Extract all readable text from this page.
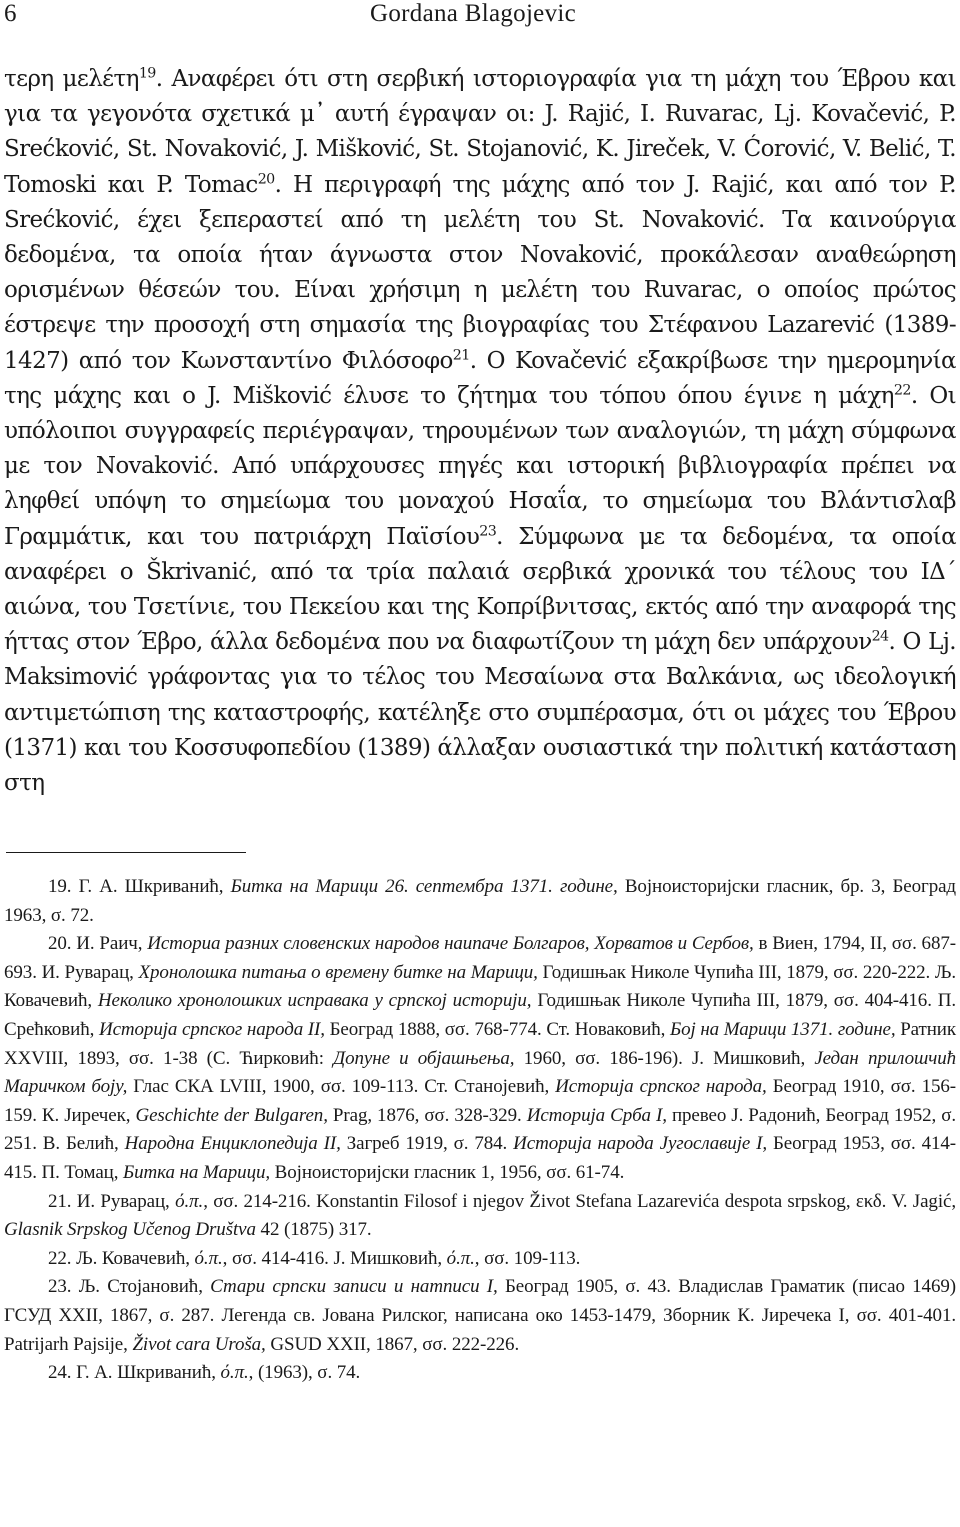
6	Gordana Blagojevic

τερη μελέτη$^{19}$. Αναφέρει ότι στη σερβική ιστοριογραφία για τη μάχη του Έβρου και για τα γεγονότα σχετικά μ᾽ αυτή έγραψαν οι: J. Rajić, I. Ruvarac, Lj. Kovačević, P. Srećković, St. Novaković, J. Mišković, St. Stojanović, K. Jireček, V. Ćorović, V. Belić, T. Tomoski και P. Tomac$^{20}$. Η περιγραφή της μάχης από τον J. Rajić, και από τον P. Srećković, έχει ξεπεραστεί από τη μελέτη του St. Novaković. Τα καινούργια δεδομένα, τα οποία ήταν άγνωστα στον Novaković, προκάλεσαν αναθεώρηση ορισμένων θέσεών του. Είναι χρήσιμη η μελέτη του Ruvarac, ο οποίος πρώτος έστρεψε την προσοχή στη σημασία της βιογραφίας του Στέφανου Lazarević (1389-1427) από τον Κωνσταντίνο Φιλόσοφο$^{21}$. Ο Kovačević εξακρίβωσε την ημερομηνία της μάχης και ο J. Mišković έλυσε το ζήτημα του τόπου όπου έγινε η μάχη$^{22}$. Οι υπόλοιποι συγγραφείς περιέγραψαν, τηρουμένων των αναλογιών, τη μάχη σύμφωνα με τον Novaković. Από υπάρχουσες πηγές και ιστορική βιβλιογραφία πρέπει να ληφθεί υπόψη το σημείωμα του μοναχού Ησαΐα, το σημείωμα του Βλάντισλαβ Γραμμάτικ, και του πατριάρχη Παϊσίου$^{23}$. Σύμφωνα με τα δεδομένα, τα οποία αναφέρει ο Škrivanić, από τα τρία παλαιά σερβικά χρονικά του τέλους του ΙΔ΄ αιώνα, του Τσετίνιε, του Πεκείου και της Κοπρίβνιτσας, εκτός από την αναφορά της ήττας στον Έβρο, άλλα δεδομένα που να διαφωτίζουν τη μάχη δεν υπάρχουν$^{24}$. Ο Lj. Maksimović γράφοντας για το τέλος του Μεσαίωνα στα Βαλκάνια, ως ιδεολογική αντιμετώπιση της καταστροφής, κατέληξε στο συμπέρασμα, ότι οι μάχες του Έβρου (1371) και του Κοσσυφοπεδίου (1389) άλλαξαν ουσιαστικά την πολιτική κατάσταση στη

19. Г. А. Шкриванић, Битка на Марици 26. септембра 1371. године, Војноисторијски гласник, бр. 3, Београд 1963, σ. 72.

20. И. Раич, Историа разних словенских народов наипаче Болгаров, Хорватов и Сербов, в Виен, 1794, II, σσ. 687-693. И. Руварац, Хронолошка питања о времену битке на Марици, Годишњак Николе Чупића III, 1879, σσ. 220-222. Љ. Ковачевић, Неколико хронолошких исправака у српској историји, Годишњак Николе Чупића III, 1879, σσ. 404-416. П. Срећковић, Историја српског народа II, Београд 1888, σσ. 768-774. Ст. Новаковић, Бој на Марици 1371. године, Ратник XXVIII, 1893, σσ. 1-38 (С. Ћирковић: Допуне и објашњења, 1960, σσ. 186-196). Ј. Мишковић, Један прилошчић Маричком боју, Глас СКА LVIII, 1900, σσ. 109-113. Ст. Станојевић, Историја српског народа, Београд 1910, σσ. 156-159. К. Јиречек, Geschichte der Bulgaren, Prag, 1876, σσ. 328-329. Историја Срба I, превео Ј. Радонић, Београд 1952, σ. 251. В. Белић, Народна Енциклопедија II, Загреб 1919, σ. 784. Историја народа Југославије I, Београд 1953, σσ. 414-415. П. Томац, Битка на Марици, Војноисторијски гласник 1, 1956, σσ. 61-74.

21. И. Руварац, ό.π., σσ. 214-216. Konstantin Filosof i njegov Život Stefana Lazarevića despota srpskog, εκδ. V. Jagić, Glasnik Srpskog Učenog Društva 42 (1875) 317.

22. Љ. Ковачевић, ό.π., σσ. 414-416. Ј. Мишковић, ό.π., σσ. 109-113.

23. Љ. Стојановић, Стари српски записи и натписи I, Београд 1905, σ. 43. Владислав Граматик (писао 1469) ГСУД XXII, 1867, σ. 287. Легенда св. Јована Рилског, написана око 1453-1479, Зборник К. Јиречека I, σσ. 401-401. Patrijarh Pajsije, Život cara Uroša, GSUD XXII, 1867, σσ. 222-226.

24. Г. А. Шкриванић, ό.π., (1963), σ. 74.
